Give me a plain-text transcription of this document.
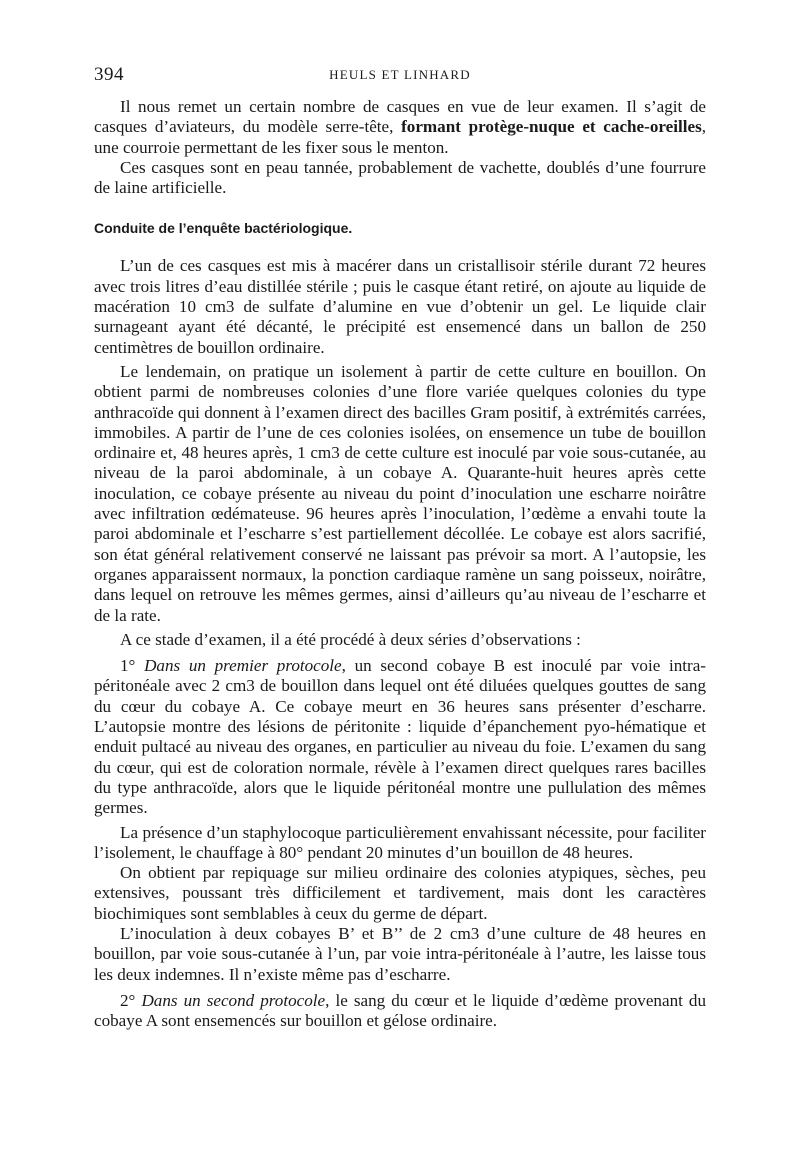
394	HEULS ET LINHARD

Il nous remet un certain nombre de casques en vue de leur examen. Il s’agit de casques d’aviateurs, du modèle serre-tête, formant protège-nuque et cache-oreilles, une courroie permettant de les fixer sous le menton.

Ces casques sont en peau tannée, probablement de vachette, doublés d’une fourrure de laine artificielle.

Conduite de l’enquête bactériologique.

L’un de ces casques est mis à macérer dans un cristallisoir stérile durant 72 heures avec trois litres d’eau distillée stérile ; puis le casque étant retiré, on ajoute au liquide de macération 10 cm3 de sulfate d’alumine en vue d’obtenir un gel. Le liquide clair surnageant ayant été décanté, le précipité est ensemencé dans un ballon de 250 centimètres de bouillon ordinaire.

Le lendemain, on pratique un isolement à partir de cette culture en bouillon. On obtient parmi de nombreuses colonies d’une flore variée quelques colonies du type anthracoïde qui donnent à l’examen direct des bacilles Gram positif, à extrémités carrées, immobiles. A partir de l’une de ces colonies isolées, on ensemence un tube de bouillon ordinaire et, 48 heures après, 1 cm3 de cette culture est inoculé par voie sous-cutanée, au niveau de la paroi abdominale, à un cobaye A. Quarante-huit heures après cette inoculation, ce cobaye présente au niveau du point d’inoculation une escharre noirâtre avec infiltration œdémateuse. 96 heures après l’inoculation, l’œdème a envahi toute la paroi abdominale et l’escharre s’est partiellement décollée. Le cobaye est alors sacrifié, son état général relativement conservé ne laissant pas prévoir sa mort. A l’autopsie, les organes apparaissent normaux, la ponction cardiaque ramène un sang poisseux, noirâtre, dans lequel on retrouve les mêmes germes, ainsi d’ailleurs qu’au niveau de l’escharre et de la rate.

A ce stade d’examen, il a été procédé à deux séries d’observations :

1° Dans un premier protocole, un second cobaye B est inoculé par voie intra-péritonéale avec 2 cm3 de bouillon dans lequel ont été diluées quelques gouttes de sang du cœur du cobaye A. Ce cobaye meurt en 36 heures sans présenter d’escharre. L’autopsie montre des lésions de péritonite : liquide d’épanchement pyo-hématique et enduit pultacé au niveau des organes, en particulier au niveau du foie. L’examen du sang du cœur, qui est de coloration normale, révèle à l’examen direct quelques rares bacilles du type anthracoïde, alors que le liquide péritonéal montre une pullulation des mêmes germes.

La présence d’un staphylocoque particulièrement envahissant nécessite, pour faciliter l’isolement, le chauffage à 80° pendant 20 minutes d’un bouillon de 48 heures.

On obtient par repiquage sur milieu ordinaire des colonies atypiques, sèches, peu extensives, poussant très difficilement et tardivement, mais dont les caractères biochimiques sont semblables à ceux du germe de départ.

L’inoculation à deux cobayes B’ et B’’ de 2 cm3 d’une culture de 48 heures en bouillon, par voie sous-cutanée à l’un, par voie intra-péritonéale à l’autre, les laisse tous les deux indemnes. Il n’existe même pas d’escharre.

2° Dans un second protocole, le sang du cœur et le liquide d’œdème provenant du cobaye A sont ensemencés sur bouillon et gélose ordinaire.
